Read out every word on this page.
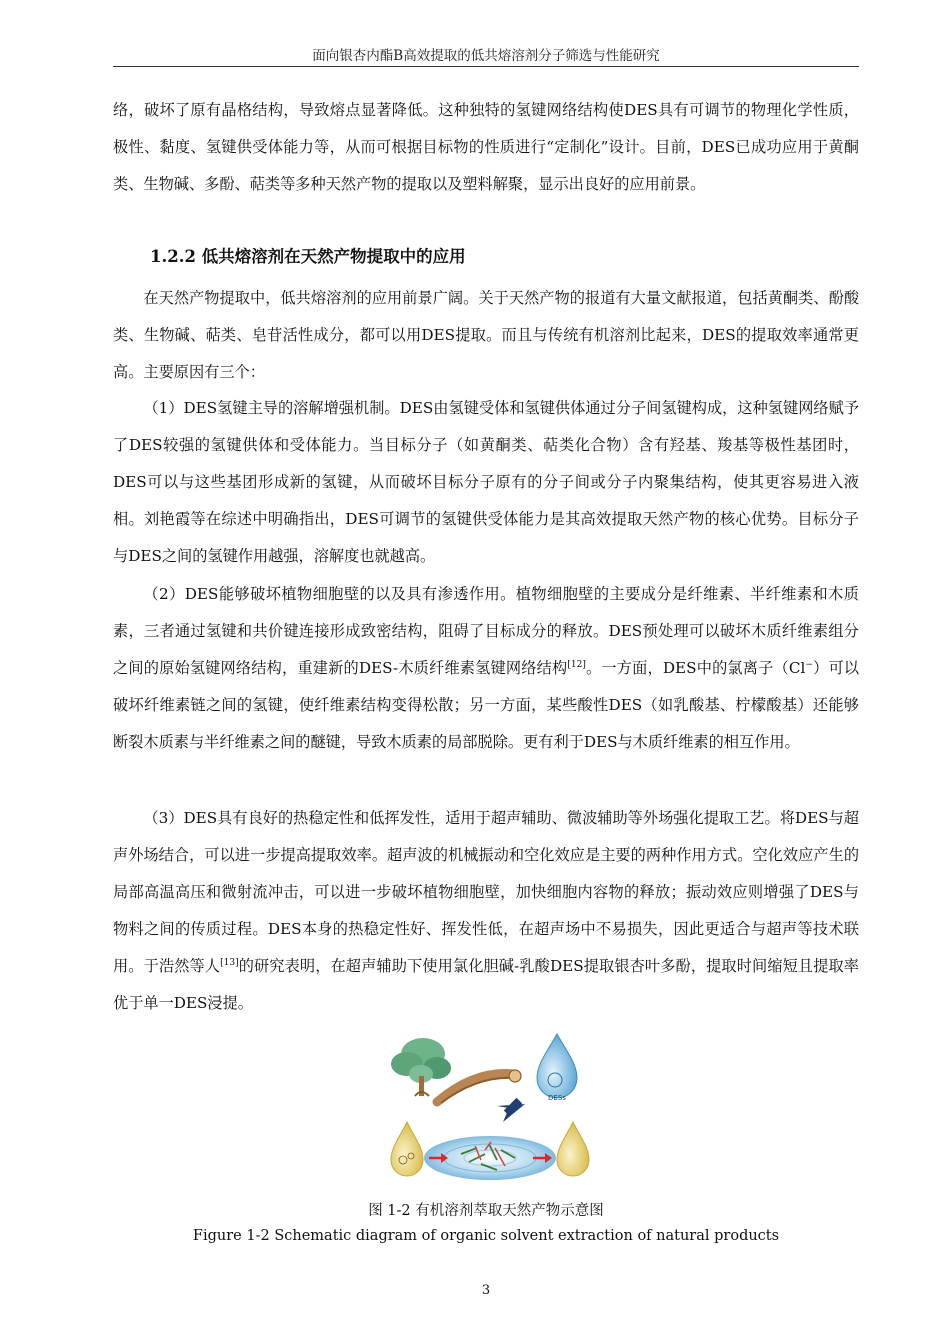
面向银杏内酯B高效提取的低共熔溶剂分子筛选与性能研究

络，破坏了原有晶格结构，导致熔点显著降低。这种独特的氢键网络结构使DES具有可调节的物理化学性质，极性、黏度、氢键供受体能力等，从而可根据目标物的性质进行“定制化”设计。目前，DES已成功应用于黄酮类、生物碱、多酚、萜类等多种天然产物的提取以及塑料解聚，显示出良好的应用前景。

1.2.2 低共熔溶剂在天然产物提取中的应用

在天然产物提取中，低共熔溶剂的应用前景广阔。关于天然产物的报道有大量文献报道，包括黄酮类、酚酸类、生物碱、萜类、皂苷活性成分，都可以用DES提取。而且与传统有机溶剂比起来，DES的提取效率通常更高。主要原因有三个：

（1）DES氢键主导的溶解增强机制。DES由氢键受体和氢键供体通过分子间氢键构成，这种氢键网络赋予了DES较强的氢键供体和受体能力。当目标分子（如黄酮类、萜类化合物）含有羟基、羧基等极性基团时，DES可以与这些基团形成新的氢键，从而破坏目标分子原有的分子间或分子内聚集结构，使其更容易进入液相。刘艳霞等在综述中明确指出，DES可调节的氢键供受体能力是其高效提取天然产物的核心优势。目标分子与DES之间的氢键作用越强，溶解度也就越高。

（2）DES能够破坏植物细胞壁的以及具有渗透作用。植物细胞壁的主要成分是纤维素、半纤维素和木质素，三者通过氢键和共价键连接形成致密结构，阻碍了目标成分的释放。DES预处理可以破坏木质纤维素组分之间的原始氢键网络结构，重建新的DES-木质纤维素氢键网络结构[12]。一方面，DES中的氯离子（Cl−）可以破坏纤维素链之间的氢键，使纤维素结构变得松散；另一方面，某些酸性DES（如乳酸基、柠檬酸基）还能够断裂木质素与半纤维素之间的醚键，导致木质素的局部脱除。更有利于DES与木质纤维素的相互作用。

（3）DES具有良好的热稳定性和低挥发性，适用于超声辅助、微波辅助等外场强化提取工艺。将DES与超声外场结合，可以进一步提高提取效率。超声波的机械振动和空化效应是主要的两种作用方式。空化效应产生的局部高温高压和微射流冲击，可以进一步破坏植物细胞壁，加快细胞内容物的释放；振动效应则增强了DES与物料之间的传质过程。DES本身的热稳定性好、挥发性低，在超声场中不易损失，因此更适合与超声等技术联用。于浩然等人[13]的研究表明，在超声辅助下使用氯化胆碱-乳酸DES提取银杏叶多酚，提取时间缩短且提取率优于单一DES浸提。

DESs
图 1-2 有机溶剂萃取天然产物示意图
Figure 1-2 Schematic diagram of organic solvent extraction of natural products
3
